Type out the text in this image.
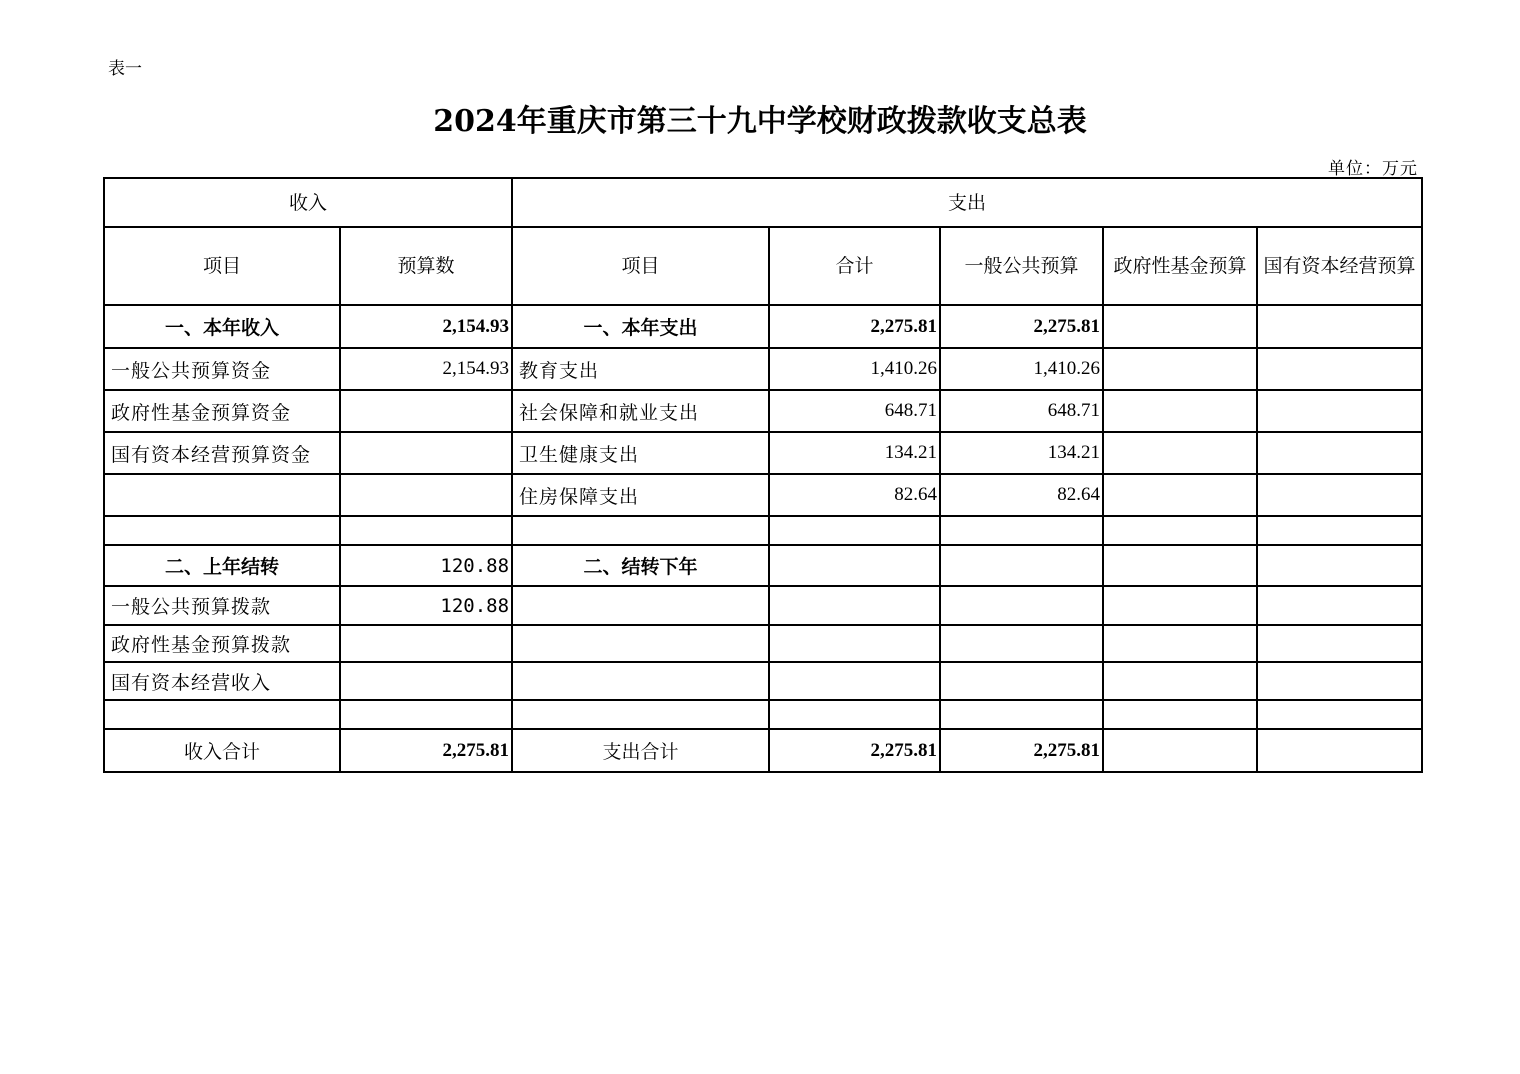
表一
2024年重庆市第三十九中学校财政拨款收支总表
单位：万元
收入		支出				
项目	预算数	项目	合计	一般公共预算	政府性基金预算	国有资本经营预算
一、本年收入	2,154.93	一、本年支出	2,275.81	2,275.81		
一般公共预算资金	2,154.93	教育支出	1,410.26	1,410.26		
政府性基金预算资金		社会保障和就业支出	648.71	648.71		
国有资本经营预算资金		卫生健康支出	134.21	134.21		
		住房保障支出	82.64	82.64		

二、上年结转	120.88	二、结转下年				
一般公共预算拨款	120.88					
政府性基金预算拨款						
国有资本经营收入						

收入合计	2,275.81	支出合计	2,275.81	2,275.81		
